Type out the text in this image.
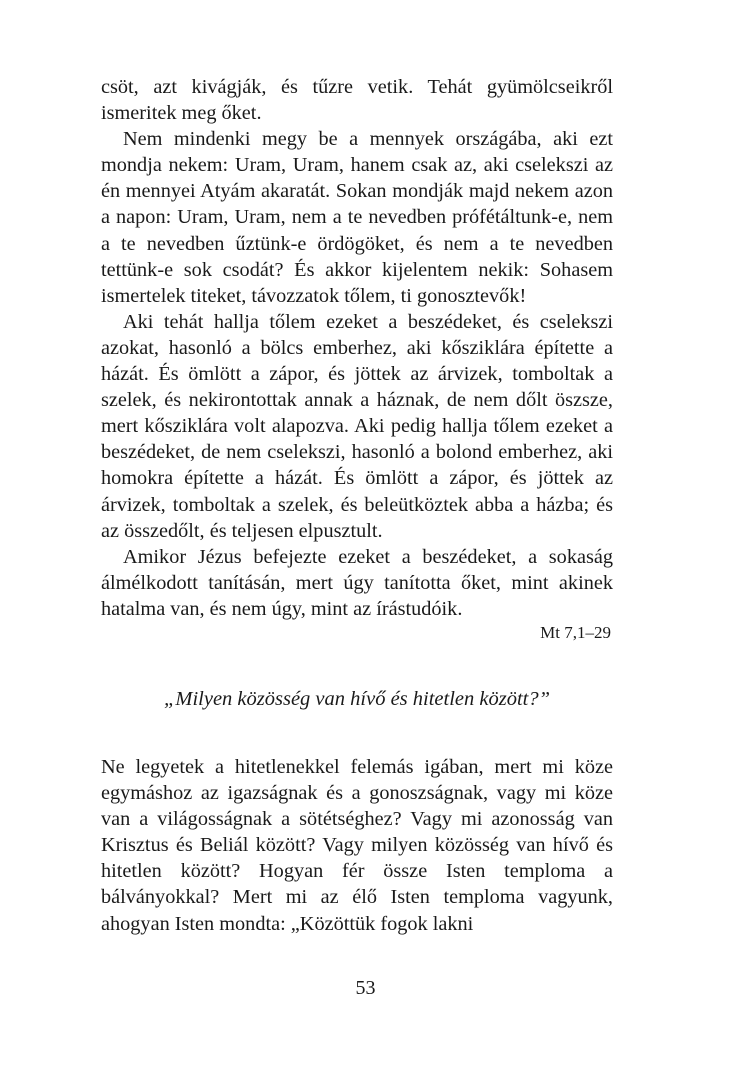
csöt, azt kivágják, és tűzre vetik. Tehát gyümölcseikről ismeritek meg őket.

Nem mindenki megy be a mennyek országába, aki ezt mondja nekem: Uram, Uram, hanem csak az, aki cselekszi az én mennyei Atyám akaratát. Sokan mondják majd nekem azon a napon: Uram, Uram, nem a te nevedben prófétáltunk-e, nem a te nevedben űztünk-e ördögöket, és nem a te nevedben tettünk-e sok csodát? És akkor kijelentem nekik: Sohasem ismertelek titeket, távozzatok tőlem, ti gonosztevők!

Aki tehát hallja tőlem ezeket a beszédeket, és cselekszi azokat, hasonló a bölcs emberhez, aki kősziklára építette a házát. És ömlött a zápor, és jöttek az árvizek, tomboltak a szelek, és nekirontottak annak a háznak, de nem dőlt öszsze, mert kősziklára volt alapozva. Aki pedig hallja tőlem ezeket a beszédeket, de nem cselekszi, hasonló a bolond emberhez, aki homokra építette a házát. És ömlött a zápor, és jöttek az árvizek, tomboltak a szelek, és beleütköztek abba a házba; és az összedőlt, és teljesen elpusztult.

Amikor Jézus befejezte ezeket a beszédeket, a sokaság álmélkodott tanításán, mert úgy tanította őket, mint akinek hatalma van, és nem úgy, mint az írástudóik.

Mt 7,1–29

„Milyen közösség van hívő és hitetlen között?”

Ne legyetek a hitetlenekkel felemás igában, mert mi köze egymáshoz az igazságnak és a gonoszságnak, vagy mi köze van a világosságnak a sötétséghez? Vagy mi azonosság van Krisztus és Beliál között? Vagy milyen közösség van hívő és hitetlen között? Hogyan fér össze Isten temploma a bálványokkal? Mert mi az élő Isten temploma vagyunk, ahogyan Isten mondta: „Közöttük fogok lakni

53
